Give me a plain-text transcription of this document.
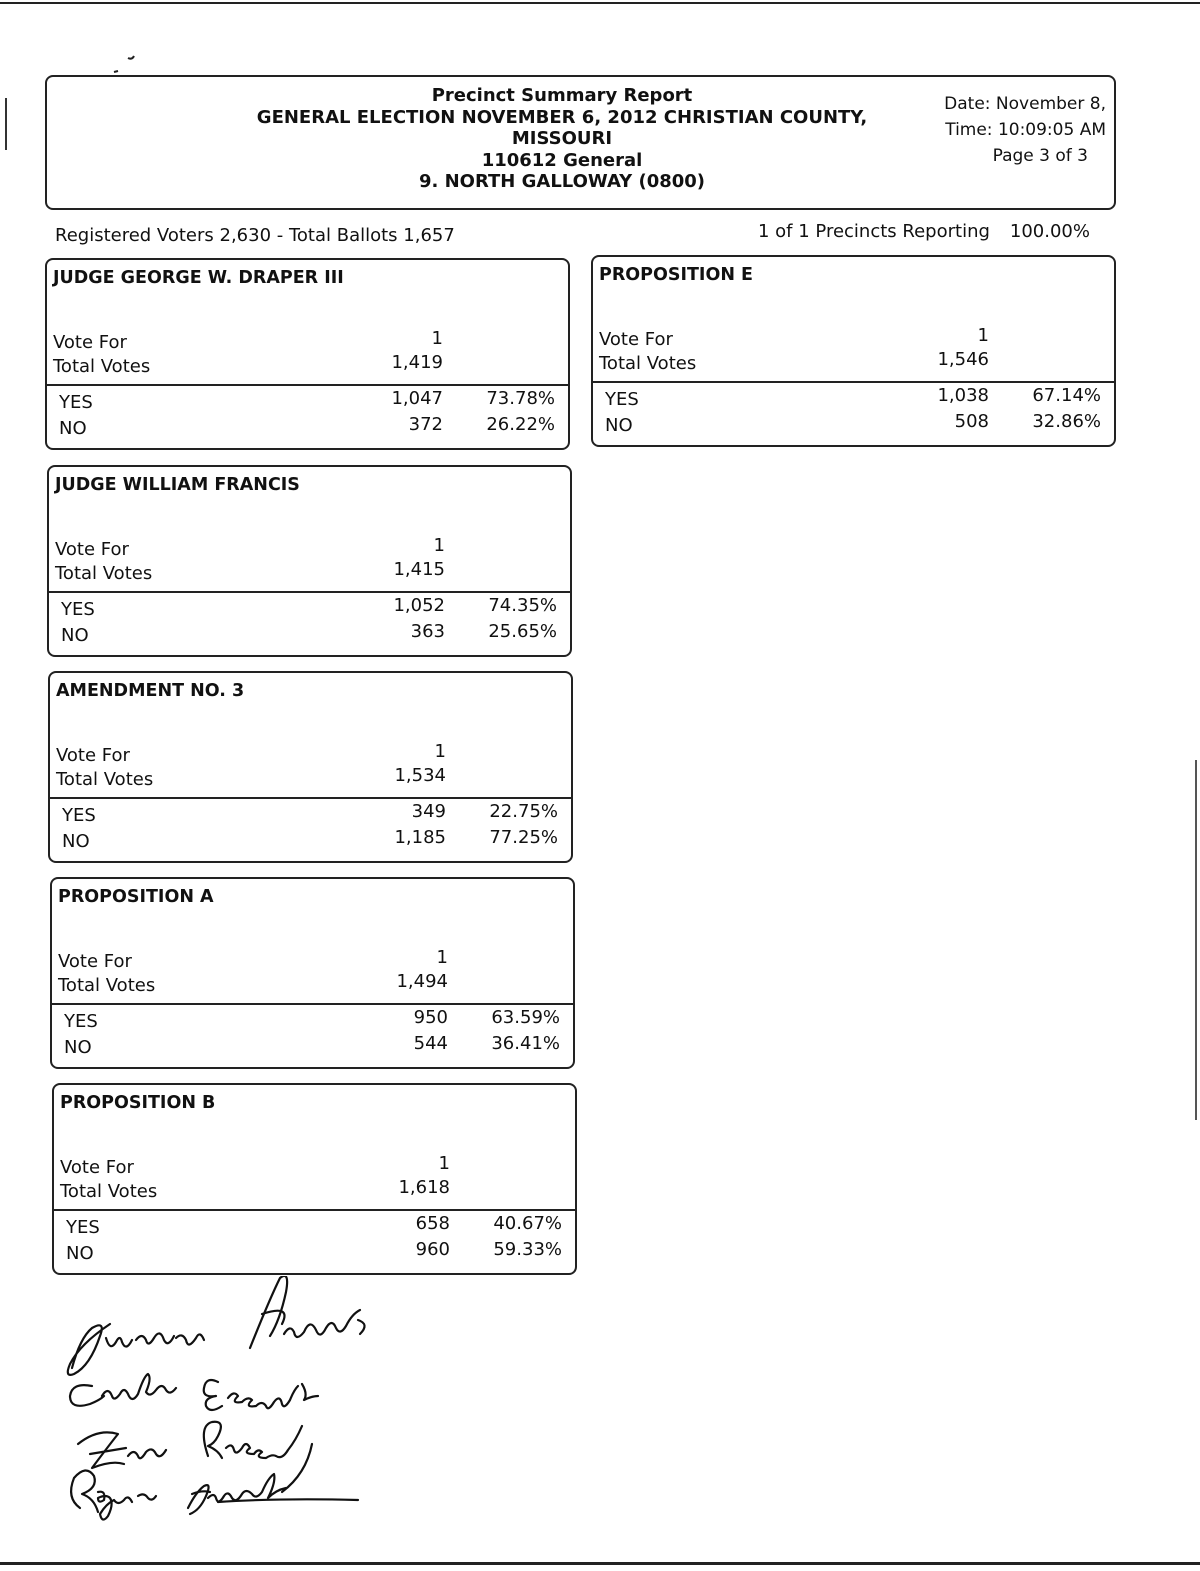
Precinct Summary Report
GENERAL ELECTION NOVEMBER 6, 2012 CHRISTIAN COUNTY,
MISSOURI
110612 General
9. NORTH GALLOWAY (0800)
Date: November 8,
Time: 10:09:05 AM
Page 3 of 3
Registered Voters 2,630 - Total Ballots 1,657	1 of 1 Precincts Reporting 100.00%
JUDGE GEORGE W. DRAPER III
Vote For	1
Total Votes	1,419
YES	1,047 73.78%
NO	372 26.22%
JUDGE WILLIAM FRANCIS
Vote For	1
Total Votes	1,415
YES	1,052 74.35%
NO	363 25.65%
AMENDMENT NO. 3
Vote For	1
Total Votes	1,534
YES	349 22.75%
NO	1,185 77.25%
PROPOSITION A
Vote For	1
Total Votes	1,494
YES	950 63.59%
NO	544 36.41%
PROPOSITION B
Vote For	1
Total Votes	1,618
YES	658 40.67%
NO	960 59.33%
PROPOSITION E
Vote For	1
Total Votes	1,546
YES	1,038 67.14%
NO	508 32.86%
